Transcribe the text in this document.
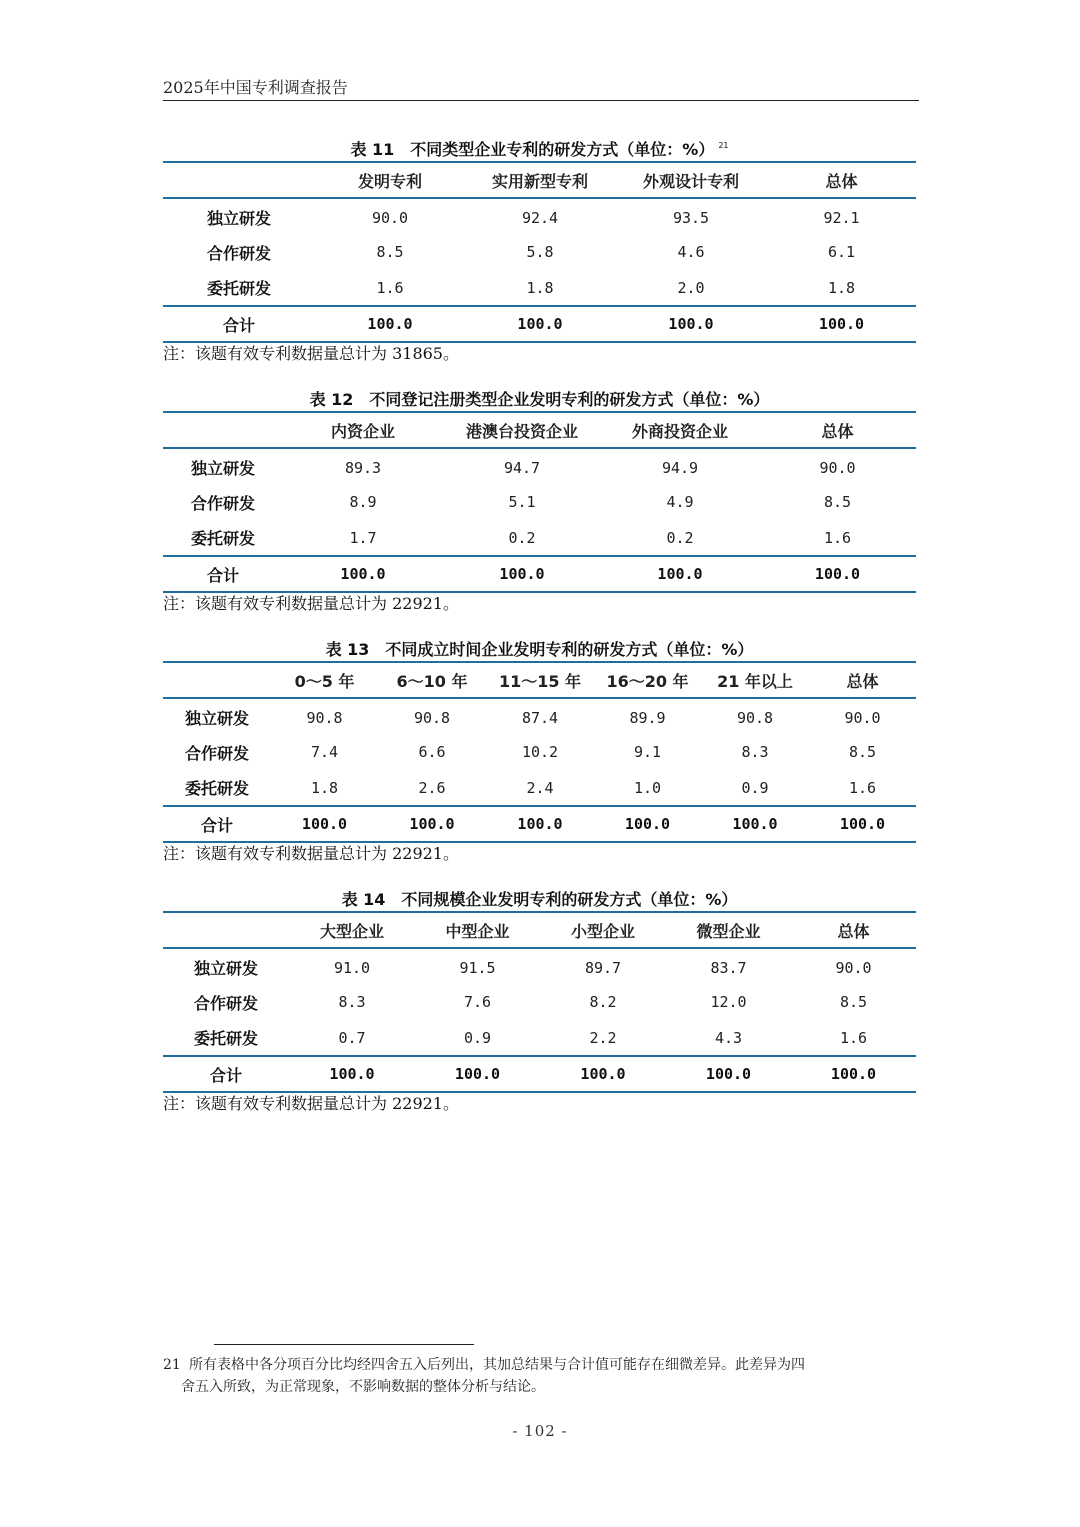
2025年中国专利调查报告
表 11　不同类型企业专利的研发方式（单位：%） $^{21}$
	发明专利	实用新型专利	外观设计专利	总体
独立研发	90.0	92.4	93.5	92.1
合作研发	8.5	5.8	4.6	6.1
委托研发	1.6	1.8	2.0	1.8
合计	100.0	100.0	100.0	100.0
注：该题有效专利数据量总计为 31865。
表 12　不同登记注册类型企业发明专利的研发方式（单位：%）
	内资企业	港澳台投资企业	外商投资企业	总体
独立研发	89.3	94.7	94.9	90.0
合作研发	8.9	5.1	4.9	8.5
委托研发	1.7	0.2	0.2	1.6
合计	100.0	100.0	100.0	100.0
注：该题有效专利数据量总计为 22921。
表 13　不同成立时间企业发明专利的研发方式（单位：%）
	0～5 年	6～10 年	11～15 年	16～20 年	21 年以上	总体
独立研发	90.8	90.8	87.4	89.9	90.8	90.0
合作研发	7.4	6.6	10.2	9.1	8.3	8.5
委托研发	1.8	2.6	2.4	1.0	0.9	1.6
合计	100.0	100.0	100.0	100.0	100.0	100.0
注：该题有效专利数据量总计为 22921。
表 14　不同规模企业发明专利的研发方式（单位：%）
	大型企业	中型企业	小型企业	微型企业	总体
独立研发	91.0	91.5	89.7	83.7	90.0
合作研发	8.3	7.6	8.2	12.0	8.5
委托研发	0.7	0.9	2.2	4.3	1.6
合计	100.0	100.0	100.0	100.0	100.0
注：该题有效专利数据量总计为 22921。
21 所有表格中各分项百分比均经四舍五入后列出，其加总结果与合计值可能存在细微差异。此差异为四
舍五入所致，为正常现象，不影响数据的整体分析与结论。
- 102 -
